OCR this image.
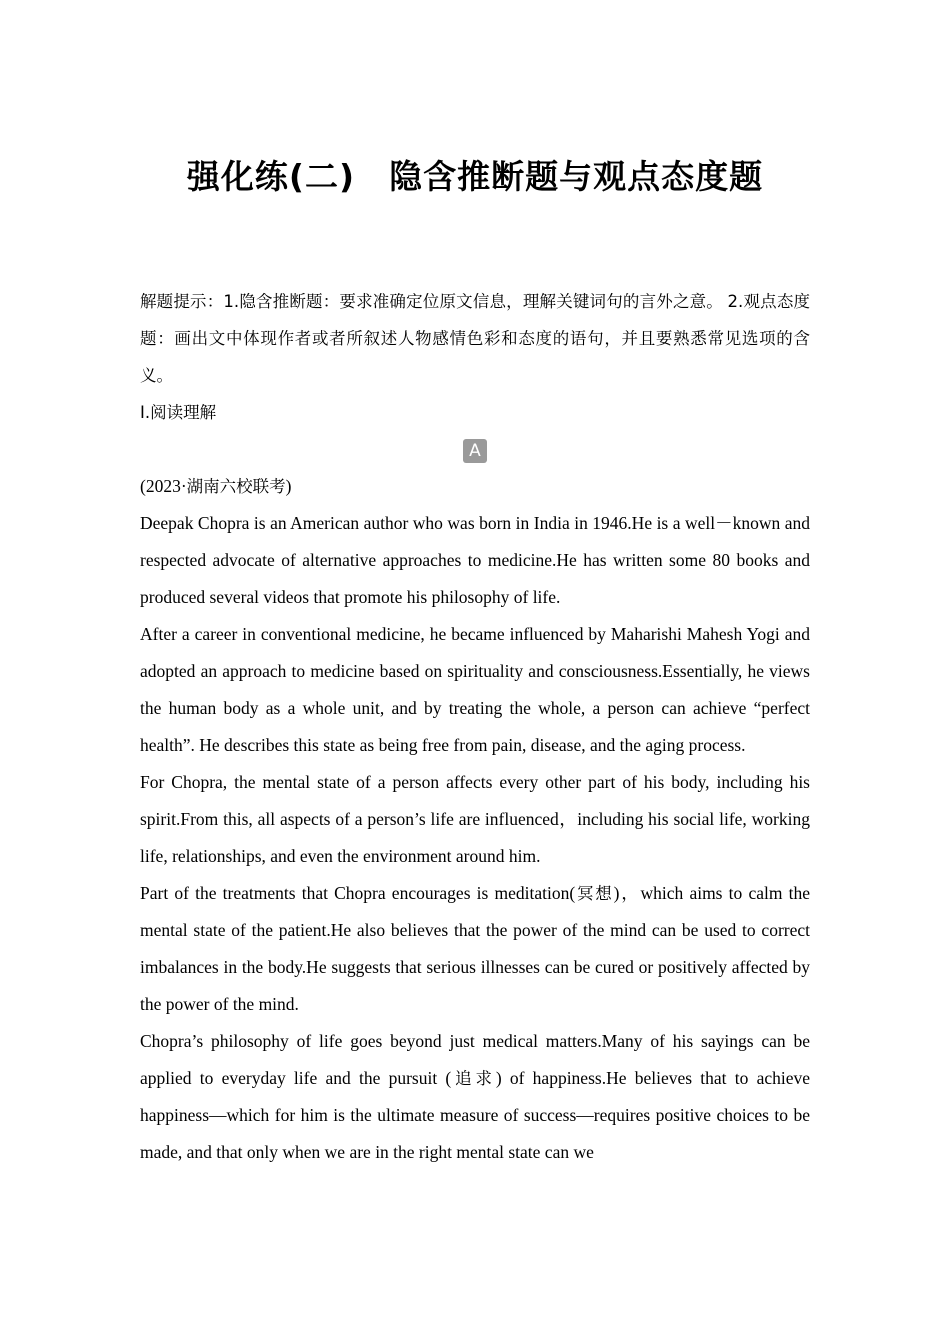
强化练(二) 隐含推断题与观点态度题

解题提示：1.隐含推断题：要求准确定位原文信息，理解关键词句的言外之意。 2.观点态度题：画出文中体现作者或者所叙述人物感情色彩和态度的语句，并且要熟悉常见选项的含义。

Ⅰ.阅读理解

A

(2023·湖南六校联考)

Deepak Chopra is an American author who was born in India in 1946.He is a well－known and respected advocate of alternative approaches to medicine.He has written some 80 books and produced several videos that promote his philosophy of life.

After a career in conventional medicine, he became influenced by Maharishi Mahesh Yogi and adopted an approach to medicine based on spirituality and consciousness.Essentially, he views the human body as a whole unit, and by treating the whole, a person can achieve “perfect health”. He describes this state as being free from pain, disease, and the aging process.

For Chopra, the mental state of a person affects every other part of his body, including his spirit.From this, all aspects of a person’s life are influenced，including his social life, working life, relationships, and even the environment around him.

Part of the treatments that Chopra encourages is meditation(冥想)，which aims to calm the mental state of the patient.He also believes that the power of the mind can be used to correct imbalances in the body.He suggests that serious illnesses can be cured or positively affected by the power of the mind.

Chopra’s philosophy of life goes beyond just medical matters.Many of his sayings can be applied to everyday life and the pursuit (追求) of happiness.He believes that to achieve happiness—which for him is the ultimate measure of success—requires positive choices to be made, and that only when we are in the right mental state can we
